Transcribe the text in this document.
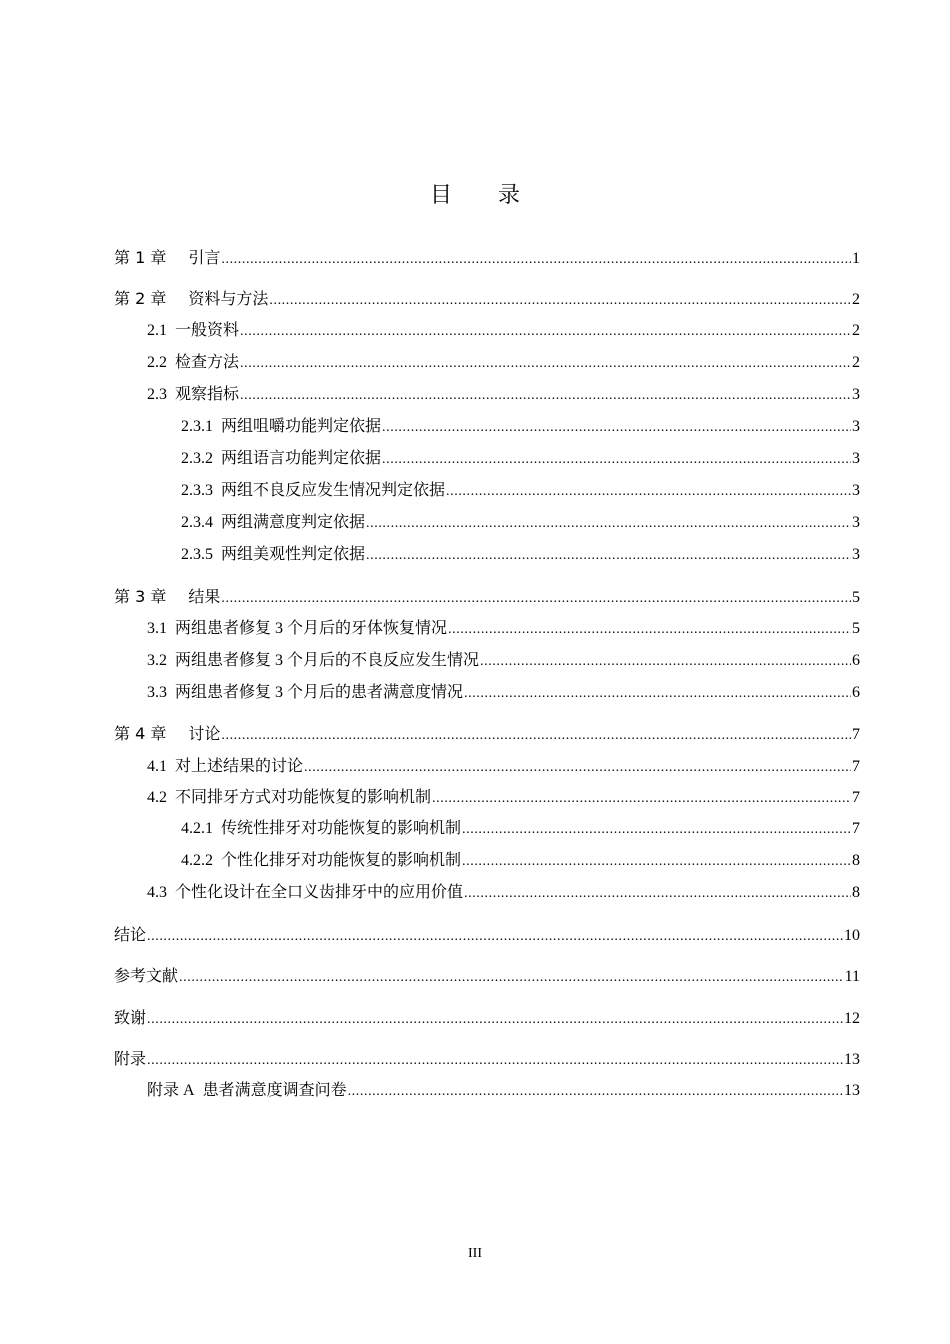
目 录
第 1 章 引言 .....	1
第 2 章 资料与方法 .....	2
2.1 一般资料 .....	2
2.2 检查方法 .....	2
2.3 观察指标 .....	3
2.3.1 两组咀嚼功能判定依据 .....	3
2.3.2 两组语言功能判定依据 .....	3
2.3.3 两组不良反应发生情况判定依据 .....	3
2.3.4 两组满意度判定依据 .....	3
2.3.5 两组美观性判定依据 .....	3
第 3 章 结果 .....	5
3.1 两组患者修复 3 个月后的牙体恢复情况 .....	5
3.2 两组患者修复 3 个月后的不良反应发生情况 .....	6
3.3 两组患者修复 3 个月后的患者满意度情况 .....	6
第 4 章 讨论 .....	7
4.1 对上述结果的讨论 .....	7
4.2 不同排牙方式对功能恢复的影响机制 .....	7
4.2.1 传统性排牙对功能恢复的影响机制 .....	7
4.2.2 个性化排牙对功能恢复的影响机制 .....	8
4.3 个性化设计在全口义齿排牙中的应用价值 .....	8
结论 .....	10
参考文献 .....	11
致谢 .....	12
附录 .....	13
附录 A 患者满意度调查问卷 .....	13
III
